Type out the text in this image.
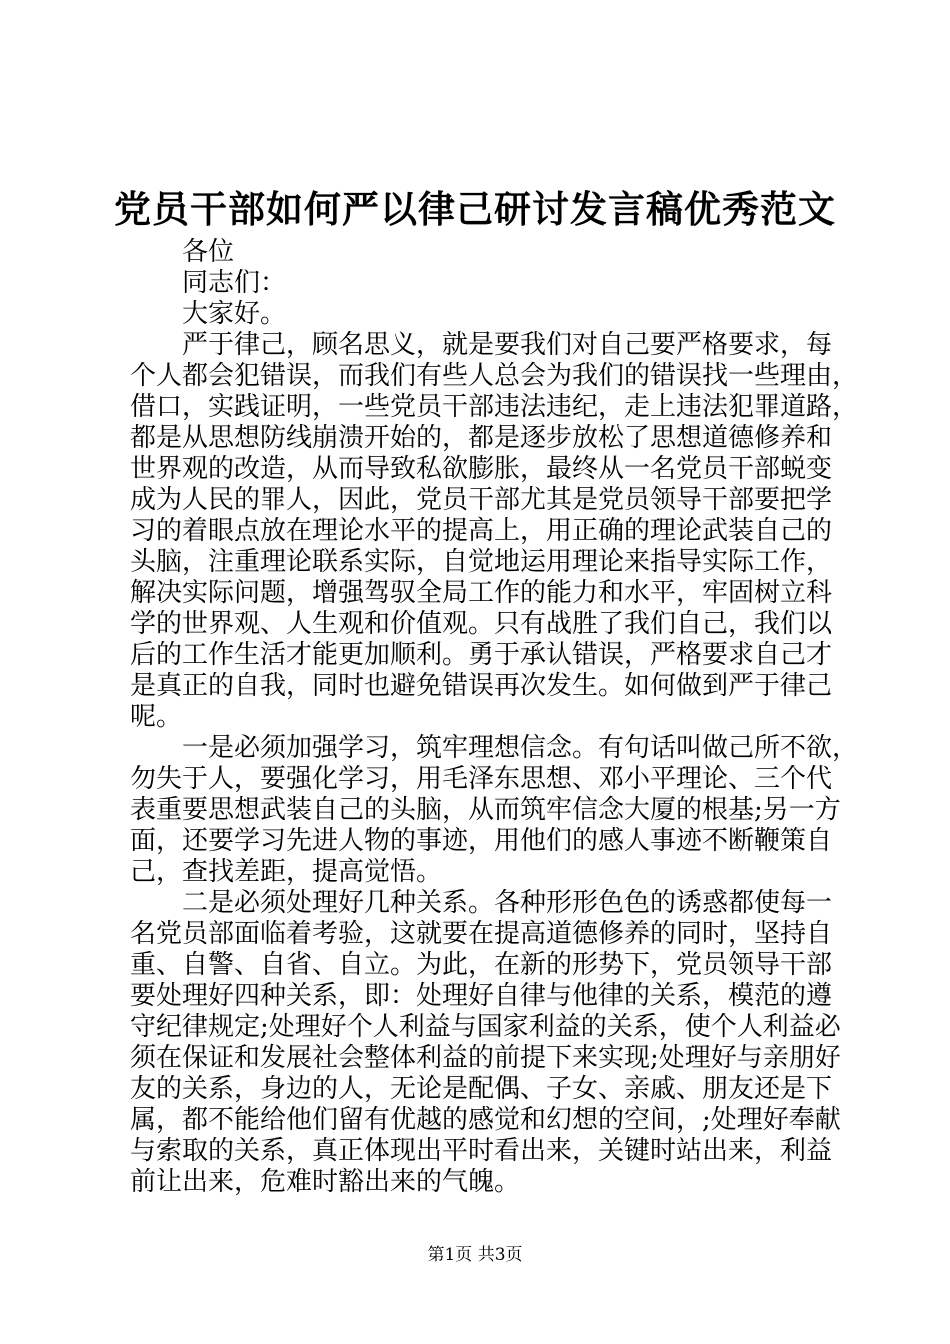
党员干部如何严以律己研讨发言稿优秀范文
各位
同志们：
大家好。
严于律己，顾名思义，就是要我们对自己要严格要求，每
个人都会犯错误，而我们有些人总会为我们的错误找一些理由，
借口，实践证明，一些党员干部违法违纪，走上违法犯罪道路，
都是从思想防线崩溃开始的，都是逐步放松了思想道德修养和
世界观的改造，从而导致私欲膨胀，最终从一名党员干部蜕变
成为人民的罪人，因此，党员干部尤其是党员领导干部要把学
习的着眼点放在理论水平的提高上，用正确的理论武装自己的
头脑，注重理论联系实际，自觉地运用理论来指导实际工作，
解决实际问题，增强驾驭全局工作的能力和水平，牢固树立科
学的世界观、人生观和价值观。只有战胜了我们自己，我们以
后的工作生活才能更加顺利。勇于承认错误，严格要求自己才
是真正的自我，同时也避免错误再次发生。如何做到严于律己
呢。
一是必须加强学习，筑牢理想信念。有句话叫做己所不欲，
勿失于人，要强化学习，用毛泽东思想、邓小平理论、三个代
表重要思想武装自己的头脑，从而筑牢信念大厦的根基;另一方
面，还要学习先进人物的事迹，用他们的感人事迹不断鞭策自
己，查找差距，提高觉悟。
二是必须处理好几种关系。各种形形色色的诱惑都使每一
名党员部面临着考验，这就要在提高道德修养的同时，坚持自
重、自警、自省、自立。为此，在新的形势下，党员领导干部
要处理好四种关系，即：处理好自律与他律的关系，模范的遵
守纪律规定;处理好个人利益与国家利益的关系，使个人利益必
须在保证和发展社会整体利益的前提下来实现;处理好与亲朋好
友的关系，身边的人，无论是配偶、子女、亲戚、朋友还是下
属，都不能给他们留有优越的感觉和幻想的空间，;处理好奉献
与索取的关系，真正体现出平时看出来，关键时站出来，利益
前让出来，危难时豁出来的气魄。
第1页 共3页
